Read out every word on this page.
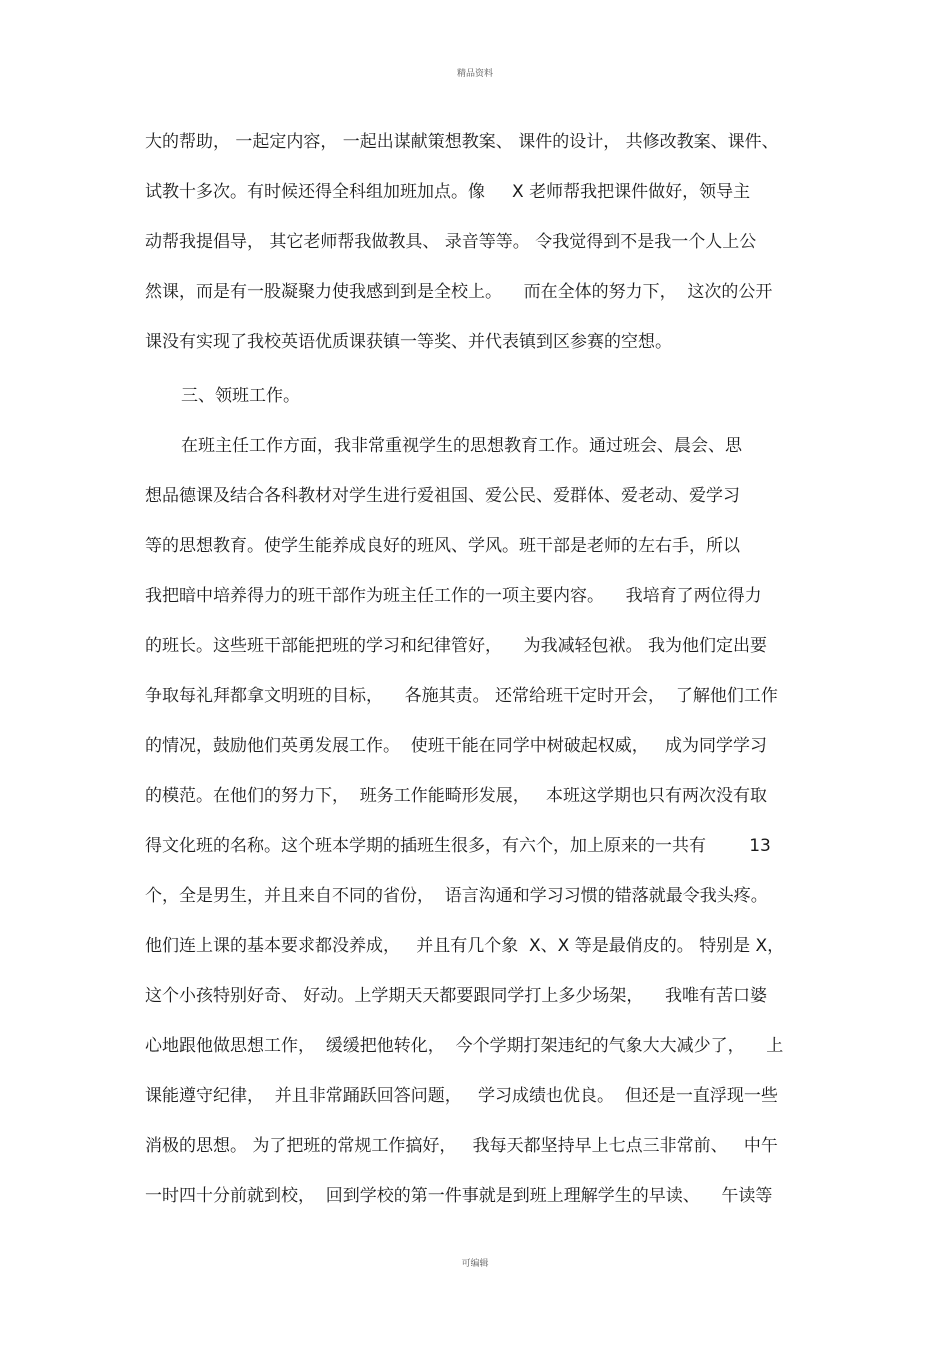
精品资料
大的帮助， 一起定内容， 一起出谋献策想教案、 课件的设计， 共修改教案、课件、
试教十多次。有时候还得全科组加班加点。像     X 老师帮我把课件做好，领导主
动帮我提倡导， 其它老师帮我做教具、 录音等等。 令我觉得到不是我一个人上公
然课，而是有一股凝聚力使我感到到是全校上。    而在全体的努力下，  这次的公开
课没有实现了我校英语优质课获镇一等奖、并代表镇到区参赛的空想。
三、领班工作。
在班主任工作方面，我非常重视学生的思想教育工作。通过班会、晨会、思
想品德课及结合各科教材对学生进行爱祖国、爱公民、爱群体、爱老动、爱学习
等的思想教育。使学生能养成良好的班风、学风。班干部是老师的左右手，所以
我把暗中培养得力的班干部作为班主任工作的一项主要内容。    我培育了两位得力
的班长。这些班干部能把班的学习和纪律管好，    为我减轻包袱。 我为他们定出要
争取每礼拜都拿文明班的目标，    各施其责。 还常给班干定时开会，  了解他们工作
的情况，鼓励他们英勇发展工作。  使班干能在同学中树破起权威，   成为同学学习
的模范。在他们的努力下，  班务工作能畸形发展，   本班这学期也只有两次没有取
得文化班的名称。这个班本学期的插班生很多，有六个，加上原来的一共有        13
个，全是男生，并且来自不同的省份，  语言沟通和学习习惯的错落就最令我头疼。
他们连上课的基本要求都没养成，   并且有几个象  X、X 等是最俏皮的。 特别是 X，
这个小孩特别好奇、 好动。上学期天天都要跟同学打上多少场架，    我唯有苦口婆
心地跟他做思想工作，  缓缓把他转化，  今个学期打架违纪的气象大大减少了，    上
课能遵守纪律，  并且非常踊跃回答问题，   学习成绩也优良。  但还是一直浮现一些
消极的思想。 为了把班的常规工作搞好，   我每天都坚持早上七点三非常前、   中午
一时四十分前就到校，  回到学校的第一件事就是到班上理解学生的早读、    午读等
可编辑
